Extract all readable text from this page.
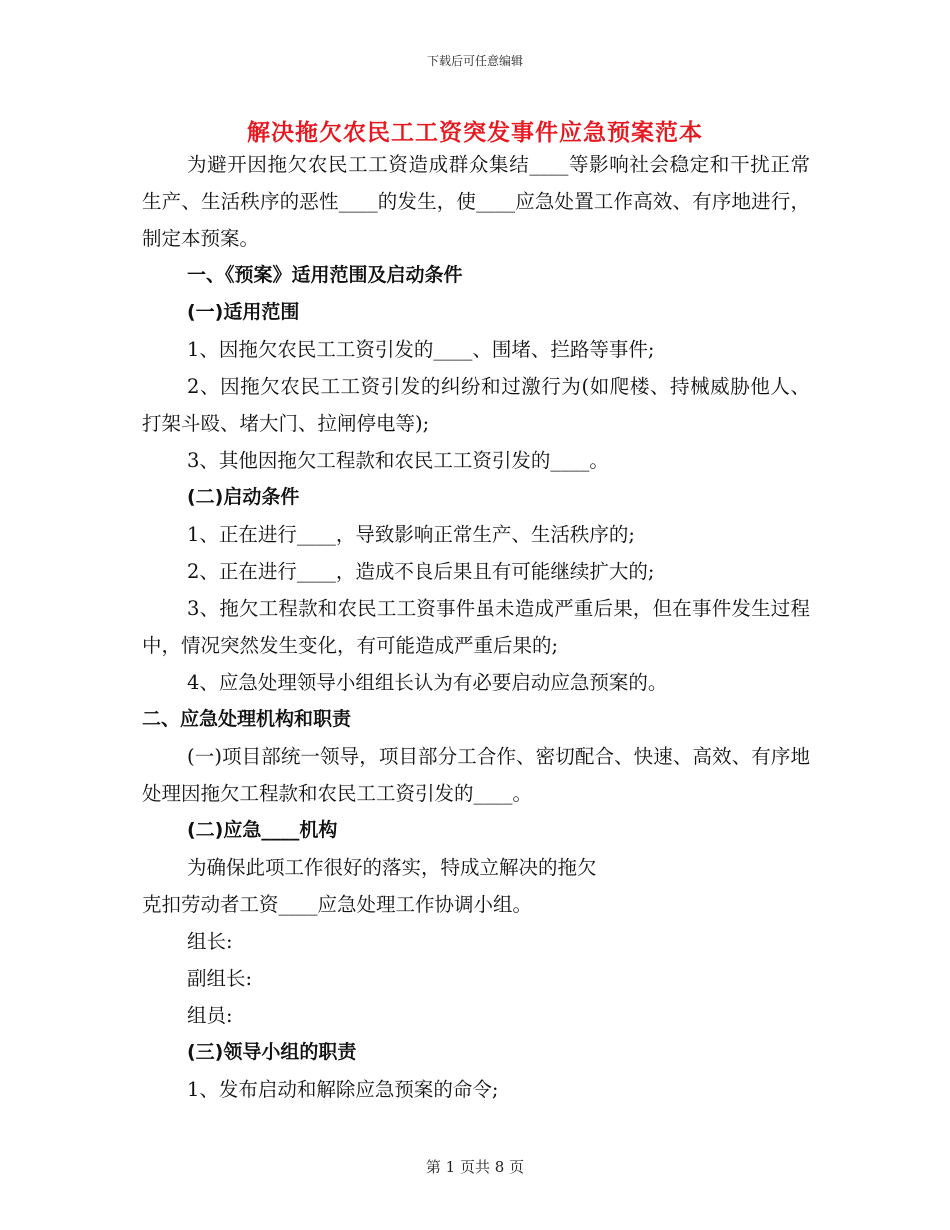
下载后可任意编辑
解决拖欠农民工工资突发事件应急预案范本

为避开因拖欠农民工工资造成群众集结____等影响社会稳定和干扰正常生产、生活秩序的恶性____的发生，使____应急处置工作高效、有序地进行，制定本预案。

一、《预案》适用范围及启动条件

(一)适用范围

1、因拖欠农民工工资引发的____、围堵、拦路等事件;

2、因拖欠农民工工资引发的纠纷和过激行为(如爬楼、持械威胁他人、打架斗殴、堵大门、拉闸停电等);

3、其他因拖欠工程款和农民工工资引发的____。

(二)启动条件

1、正在进行____，导致影响正常生产、生活秩序的;

2、正在进行____，造成不良后果且有可能继续扩大的;

3、拖欠工程款和农民工工资事件虽未造成严重后果，但在事件发生过程中，情况突然发生变化，有可能造成严重后果的;

4、应急处理领导小组组长认为有必要启动应急预案的。

二、应急处理机构和职责

(一)项目部统一领导，项目部分工合作、密切配合、快速、高效、有序地处理因拖欠工程款和农民工工资引发的____。

(二)应急____机构

为确保此项工作很好的落实，特成立解决的拖欠

克扣劳动者工资____应急处理工作协调小组。

组长:

副组长:

组员:

(三)领导小组的职责

1、发布启动和解除应急预案的命令;

第 1 页共 8 页
